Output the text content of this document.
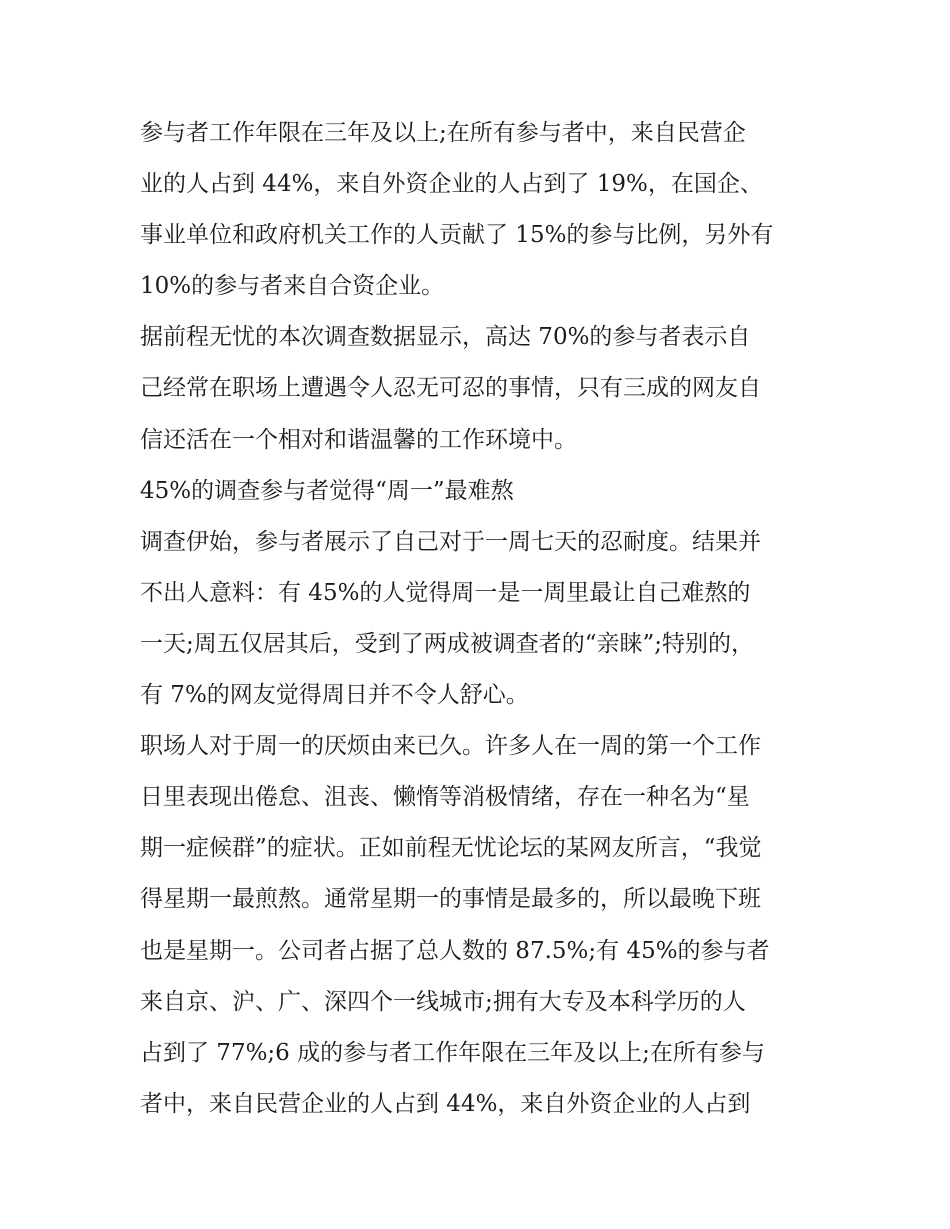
参与者工作年限在三年及以上;在所有参与者中，来自民营企
业的人占到 44%，来自外资企业的人占到了 19%，在国企、
事业单位和政府机关工作的人贡献了 15%的参与比例，另外有
10%的参与者来自合资企业。
据前程无忧的本次调查数据显示，高达 70%的参与者表示自
己经常在职场上遭遇令人忍无可忍的事情，只有三成的网友自
信还活在一个相对和谐温馨的工作环境中。
45%的调查参与者觉得“周一”最难熬
调查伊始，参与者展示了自己对于一周七天的忍耐度。结果并
不出人意料：有 45%的人觉得周一是一周里最让自己难熬的
一天;周五仅居其后，受到了两成被调查者的“亲睐”;特别的，
有 7%的网友觉得周日并不令人舒心。
职场人对于周一的厌烦由来已久。许多人在一周的第一个工作
日里表现出倦怠、沮丧、懒惰等消极情绪，存在一种名为“星
期一症候群”的症状。正如前程无忧论坛的某网友所言，“我觉
得星期一最煎熬。通常星期一的事情是最多的，所以最晚下班
也是星期一。公司者占据了总人数的 87.5%;有 45%的参与者
来自京、沪、广、深四个一线城市;拥有大专及本科学历的人
占到了 77%;6 成的参与者工作年限在三年及以上;在所有参与
者中，来自民营企业的人占到 44%，来自外资企业的人占到
